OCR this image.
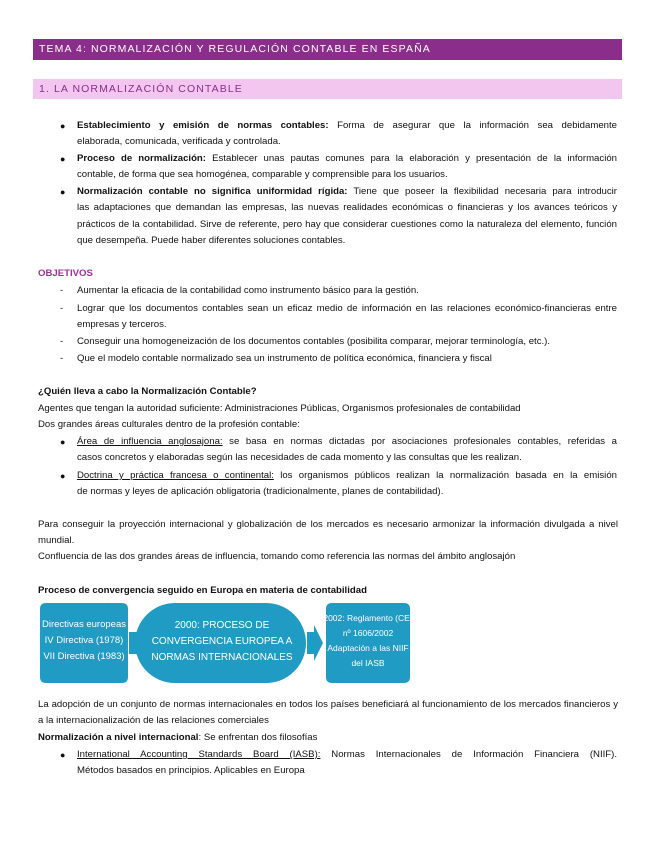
TEMA 4: NORMALIZACIÓN Y REGULACIÓN CONTABLE EN ESPAÑA
1. LA NORMALIZACIÓN CONTABLE
● Establecimiento y emisión de normas contables: Forma de asegurar que la información sea debidamente
elaborada, comunicada, verificada y controlada.
● Proceso de normalización: Establecer unas pautas comunes para la elaboración y presentación de la información
contable, de forma que sea homogénea, comparable y comprensible para los usuarios.
● Normalización contable no significa uniformidad rígida: Tiene que poseer la flexibilidad necesaria para introducir
las adaptaciones que demandan las empresas, las nuevas realidades económicas o financieras y los avances teóricos y prácticos de la contabilidad. Sirve de referente, pero hay que considerar cuestiones como la naturaleza del elemento, función que desempeña. Puede haber diferentes soluciones contables.
OBJETIVOS
- Aumentar la eficacia de la contabilidad como instrumento básico para la gestión.
- Lograr que los documentos contables sean un eficaz medio de información en las relaciones económico-financieras entre empresas y terceros.
- Conseguir una homogeneización de los documentos contables (posibilita comparar, mejorar terminología, etc.).
- Que el modelo contable normalizado sea un instrumento de política económica, financiera y fiscal
¿Quién lleva a cabo la Normalización Contable?
Agentes que tengan la autoridad suficiente: Administraciones Públicas, Organismos profesionales de contabilidad
Dos grandes áreas culturales dentro de la profesión contable:
● Área de influencia anglosajona: se basa en normas dictadas por asociaciones profesionales contables, referidas a
casos concretos y elaboradas según las necesidades de cada momento y las consultas que les realizan.
● Doctrina y práctica francesa o continental: los organismos públicos realizan la normalización basada en la emisión
de normas y leyes de aplicación obligatoria (tradicionalmente, planes de contabilidad).
Para conseguir la proyección internacional y globalización de los mercados es necesario armonizar la información divulgada a nivel mundial.
Confluencia de las dos grandes áreas de influencia, tomando como referencia las normas del ámbito anglosajón
Proceso de convergencia seguido en Europa en materia de contabilidad
Directivas europeas
IV Directiva (1978)
VII Directiva (1983)
2000: PROCESO DE
CONVERGENCIA EUROPEA A
NORMAS INTERNACIONALES
2002: Reglamento (CE)
nº 1606/2002
Adaptación a las NIIF
del IASB
La adopción de un conjunto de normas internacionales en todos los países beneficiará al funcionamiento de los mercados financieros y a la internacionalización de las relaciones comerciales
Normalización a nivel internacional: Se enfrentan dos filosofías
● International Accounting Standards Board (IASB): Normas Internacionales de Información Financiera (NIIF).
Métodos basados en principios. Aplicables en Europa
